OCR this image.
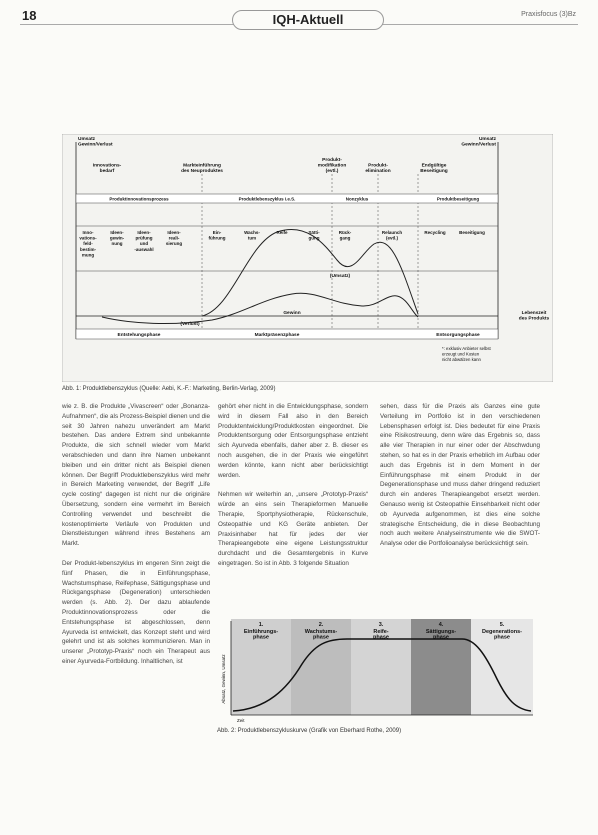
18	IQH-Aktuell	Praxisfocus (3)Bz
Umsatz Gewinn/Verlust
Umsatz Gewinn/Verlust
Innovations-bedarf
Markteinführung des Neuproduktes
Produkt-modifikation (evtl.)
Produkt-elimination
Endgültige Beseitigung
Produktinnovationsprozess	Produktlebenszyklus i.e.S.	Nonzyklus	Produktbeseitigung
Inno-vations-feld-bestim-mung
Ideen-gewin-nung
Ideen-prüfung und -auswahl
Ideen-reali-sierung
Ein-führung
Wachs-tum
Reife	Sätti-gung
Rück-gang
Relaunch (evtl.)
Recycling	Beseitigung
(Umsatz)
Gewinn
(Verlust)
Lebenszeit des Produkts
Entstehungsphase	Marktpräsenzphase	Entsorgungsphase
*: exklusiv Anbieter selbst erzeugt und Kosten nicht abwälzen kann
Abb. 1: Produktlebenszyklus (Quelle: Aebi, K.-F.: Marketing, Berlin-Verlag, 2009)

wie z. B. die Produkte „Vivascreen“ oder „Bonanza-Aufnahmen“, die als Prozess-Beispiel dienen und die seit 30 Jahren nahezu unverändert am Markt bestehen. Das andere Extrem sind unbekannte Produkte, die sich schnell wieder vom Markt verabschieden und dann ihre Namen unbekannt bleiben und ein dritter nicht als Beispiel dienen können. Der Begriff Produktlebenszyklus wird mehr in Bereich Marketing verwendet, der Begriff „Life cycle costing“ dagegen ist nicht nur die originäre Übersetzung, sondern eine vermehrt im Bereich Controlling verwendet und beschreibt die kostenoptimierte Verläufe von Produkten und Dienstleistungen während ihres Bestehens am Markt.

Der Produkt-lebenszyklus im engeren Sinn zeigt die fünf Phasen, die in Einführungsphase, Wachstumsphase, Reifephase, Sättigungsphase und Rückgangsphase (Degeneration) unterschieden werden (s. Abb. 2). Der dazu ablaufende Produktinnovationsprozess oder die Entstehungsphase ist abgeschlossen, denn Ayurveda ist entwickelt, das Konzept steht und wird gelehrt und ist als solches kommunizieren. Man in unserer „Prototyp-Praxis“ noch ein Therapeut aus einer Ayurveda-Fortbildung. Inhaltlichen, ist

gehört eher nicht in die Entwicklungsphase, sondern wird in diesem Fall also in den Bereich Produktentwicklung/Produktkosten eingeordnet. Die Produktentsorgung oder Entsorgungsphase entzieht sich Ayurveda ebenfalls, daher aber z. B. dieser es noch ausgehen, die in der Praxis wie eingeführt werden könnte, kann nicht aber berücksichtigt werden.

Nehmen wir weiterhin an, „unsere „Prototyp-Praxis“ würde an eins sein Therapieformen Manuelle Therapie, Sportphysiotherapie, Rückenschule, Osteopathie und KG Geräte anbieten. Der Praxisinhaber hat für jedes der vier Therapieangebote eine eigene Leistungsstruktur durchdacht und die Gesamtergebnis in Kurve eingetragen. So ist in Abb. 3 folgende Situation

sehen, dass für die Praxis als Ganzes eine gute Verteilung im Portfolio ist in den verschiedenen Lebensphasen erfolgt ist. Dies bedeutet für eine Praxis eine Risikostreuung, denn wäre das Ergebnis so, dass alle vier Therapien in nur einer oder der Abschwdung stehen, so hat es in der Praxis erheblich im Aufbau oder auch das Ergebnis ist in dem Moment in der Einführungsphase mit einem Produkt in der Degenerationsphase und muss daher dringend reduziert durch ein anderes Therapieangebot ersetzt werden. Genauso wenig ist Osteopathie Einsehbarkeit nicht oder ob Ayurveda aufgenommen, ist dies eine solche strategische Entscheidung, die in diese Beobachtung noch auch weitere Analyseinstrumente wie die SWOT-Analyse oder die Portfolioanalyse berücksichtigt sein.

1.
Einführungs-phase
2.
Wachstums-phase
3.
Reife-phase
4.
Sättigungs-phase
5.
Degenerations-phase
Absatz, Gewinn, Umsatz
Zeit
Abb. 2: Produktlebenszykluskurve (Grafik von Eberhard Rothe, 2009)
